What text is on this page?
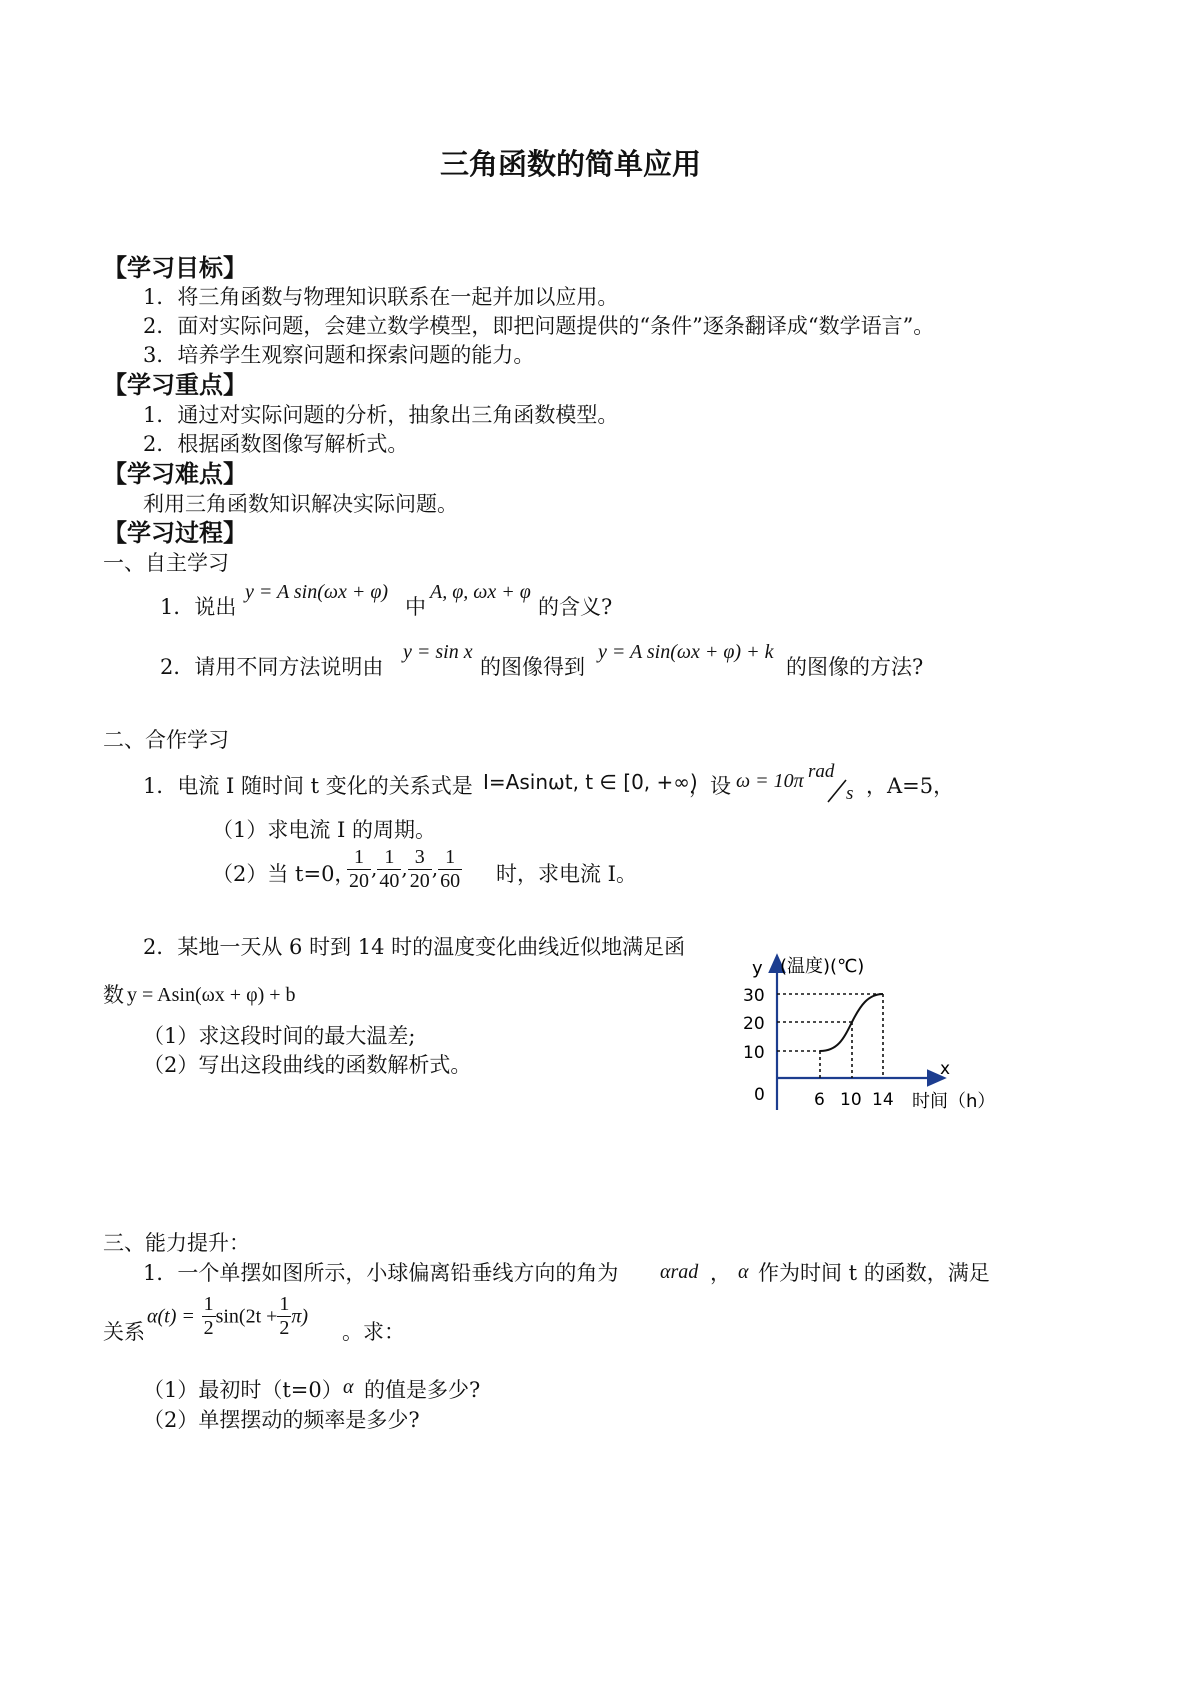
三角函数的简单应用
【学习目标】
1．将三角函数与物理知识联系在一起并加以应用。
2．面对实际问题，会建立数学模型，即把问题提供的“条件”逐条翻译成“数学语言”。
3．培养学生观察问题和探索问题的能力。
【学习重点】
1．通过对实际问题的分析，抽象出三角函数模型。
2．根据函数图像写解析式。
【学习难点】
利用三角函数知识解决实际问题。
【学习过程】
一、自主学习
1．说出
y = A sin(ωx + φ)
中
A, φ, ωx + φ
的含义?
2．请用不同方法说明由
y = sin x
的图像得到
y = A sin(ωx + φ) + k
的图像的方法?
二、合作学习
1．电流 I 随时间 t 变化的关系式是 I=Asinωt, t ∈ [0, +∞)
，设 ω = 10π rad
s ，A=5，
（1）求电流 I 的周期。
（2）当 t=0，
$\frac{1}{20}$ , $\frac{1}{40}$ , $\frac{3}{20}$ , $\frac{1}{60}$ 时，求电流 I。
2．某地一天从 6 时到 14 时的温度变化曲线近似地满足函
数 y = Asin(ωx + φ) + b
（1）求这段时间的最大温差;
（2）写出这段曲线的函数解析式。
y (温度)(℃)
30
20
10
0	6 10 14
x
时间（h）
三、能力提升：
1．一个单摆如图所示，小球偏离铅垂线方向的角为 αrad ， α 作为时间 t 的函数，满足
关系
$\alpha(t) = \frac{1}{2} \sin(2t + \frac{1}{2} \pi)$
。求：
（1）最初时（t=0） α 的值是多少?
（2）单摆摆动的频率是多少?
